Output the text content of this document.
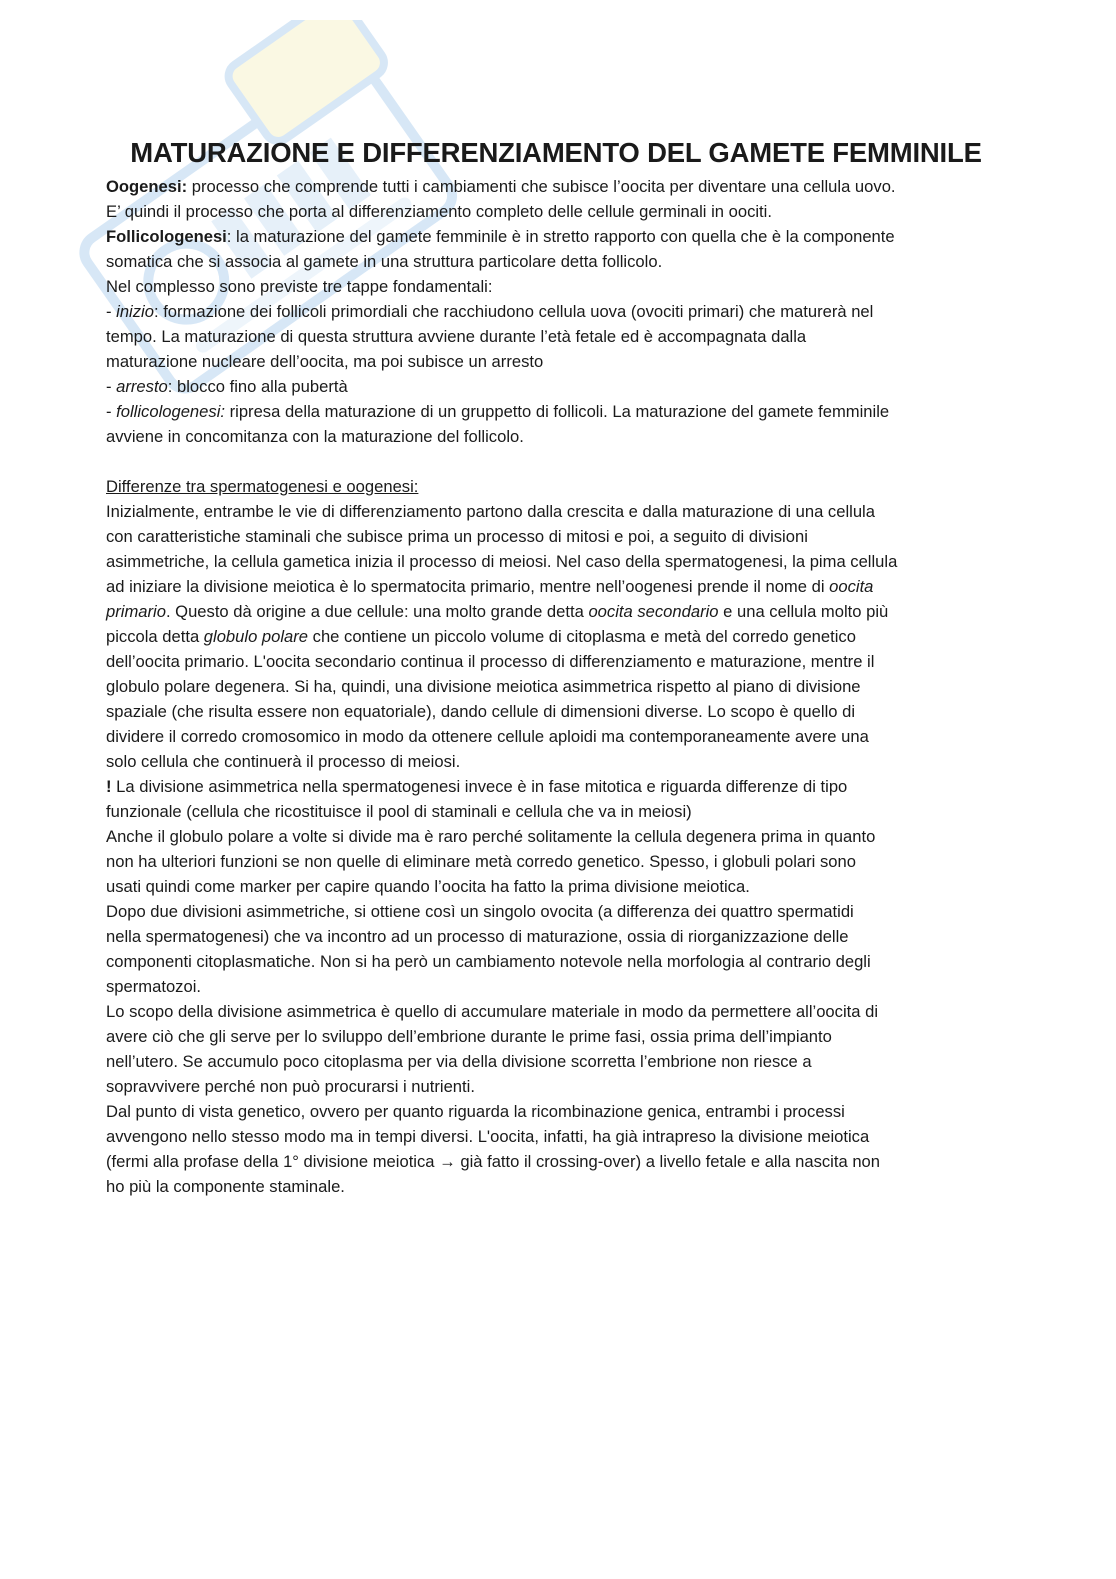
MATURAZIONE E DIFFERENZIAMENTO DEL GAMETE FEMMINILE
Oogenesi: processo che comprende tutti i cambiamenti che subisce l’oocita per diventare una cellula uovo.
E’ quindi il processo che porta al differenziamento completo delle cellule germinali in oociti.
Follicologenesi: la maturazione del gamete femminile è in stretto rapporto con quella che è la componente
somatica che si associa al gamete in una struttura particolare detta follicolo.
Nel complesso sono previste tre tappe fondamentali:
- inizio: formazione dei follicoli primordiali che racchiudono cellula uova (ovociti primari) che maturerà nel
tempo. La maturazione di questa struttura avviene durante l’età fetale ed è accompagnata dalla
maturazione nucleare dell’oocita, ma poi subisce un arresto
- arresto: blocco fino alla pubertà
- follicologenesi: ripresa della maturazione di un gruppetto di follicoli. La maturazione del gamete femminile
avviene in concomitanza con la maturazione del follicolo.
Differenze tra spermatogenesi e oogenesi:
Inizialmente, entrambe le vie di differenziamento partono dalla crescita e dalla maturazione di una cellula
con caratteristiche staminali che subisce prima un processo di mitosi e poi, a seguito di divisioni
asimmetriche, la cellula gametica inizia il processo di meiosi. Nel caso della spermatogenesi, la pima cellula
ad iniziare la divisione meiotica è lo spermatocita primario, mentre nell’oogenesi prende il nome di oocita
primario. Questo dà origine a due cellule: una molto grande detta oocita secondario e una cellula molto più
piccola detta globulo polare che contiene un piccolo volume di citoplasma e metà del corredo genetico
dell’oocita primario. L'oocita secondario continua il processo di differenziamento e maturazione, mentre il
globulo polare degenera. Si ha, quindi, una divisione meiotica asimmetrica rispetto al piano di divisione
spaziale (che risulta essere non equatoriale), dando cellule di dimensioni diverse. Lo scopo è quello di
dividere il corredo cromosomico in modo da ottenere cellule aploidi ma contemporaneamente avere una
solo cellula che continuerà il processo di meiosi.
! La divisione asimmetrica nella spermatogenesi invece è in fase mitotica e riguarda differenze di tipo
funzionale (cellula che ricostituisce il pool di staminali e cellula che va in meiosi)
Anche il globulo polare a volte si divide ma è raro perché solitamente la cellula degenera prima in quanto
non ha ulteriori funzioni se non quelle di eliminare metà corredo genetico. Spesso, i globuli polari sono
usati quindi come marker per capire quando l’oocita ha fatto la prima divisione meiotica.
Dopo due divisioni asimmetriche, si ottiene così un singolo ovocita (a differenza dei quattro spermatidi
nella spermatogenesi) che va incontro ad un processo di maturazione, ossia di riorganizzazione delle
componenti citoplasmatiche. Non si ha però un cambiamento notevole nella morfologia al contrario degli
spermatozoi.
Lo scopo della divisione asimmetrica è quello di accumulare materiale in modo da permettere all’oocita di
avere ciò che gli serve per lo sviluppo dell’embrione durante le prime fasi, ossia prima dell’impianto
nell’utero. Se accumulo poco citoplasma per via della divisione scorretta l’embrione non riesce a
sopravvivere perché non può procurarsi i nutrienti.
Dal punto di vista genetico, ovvero per quanto riguarda la ricombinazione genica, entrambi i processi
avvengono nello stesso modo ma in tempi diversi. L'oocita, infatti, ha già intrapreso la divisione meiotica
(fermi alla profase della 1° divisione meiotica → già fatto il crossing-over) a livello fetale e alla nascita non
ho più la componente staminale.
